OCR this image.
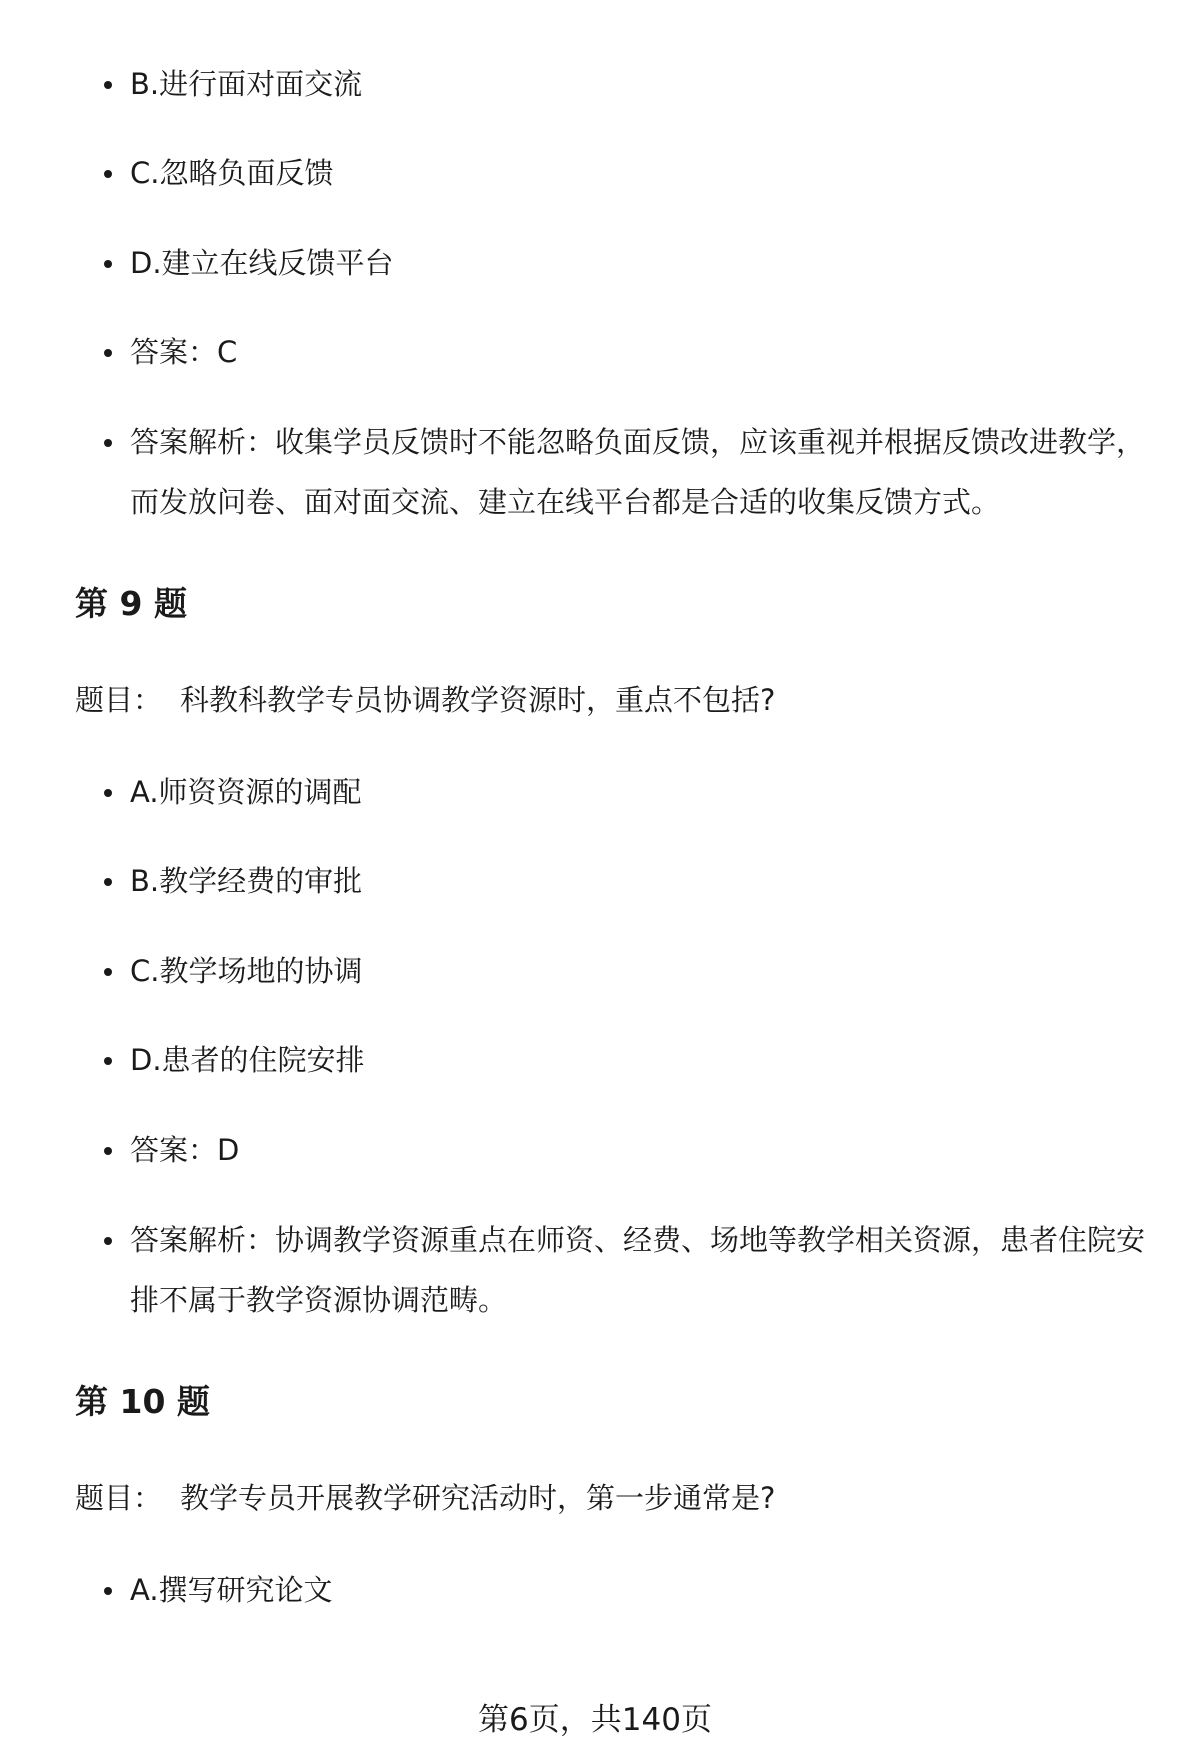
B.进行面对面交流
C.忽略负面反馈
D.建立在线反馈平台
答案：C
答案解析：收集学员反馈时不能忽略负面反馈，应该重视并根据反馈改进教学，而发放问卷、面对面交流、建立在线平台都是合适的收集反馈方式。
第 9 题
题目： 科教科教学专员协调教学资源时，重点不包括?
A.师资资源的调配
B.教学经费的审批
C.教学场地的协调
D.患者的住院安排
答案：D
答案解析：协调教学资源重点在师资、经费、场地等教学相关资源，患者住院安排不属于教学资源协调范畴。
第 10 题
题目： 教学专员开展教学研究活动时，第一步通常是?
A.撰写研究论文
第6页，共140页
